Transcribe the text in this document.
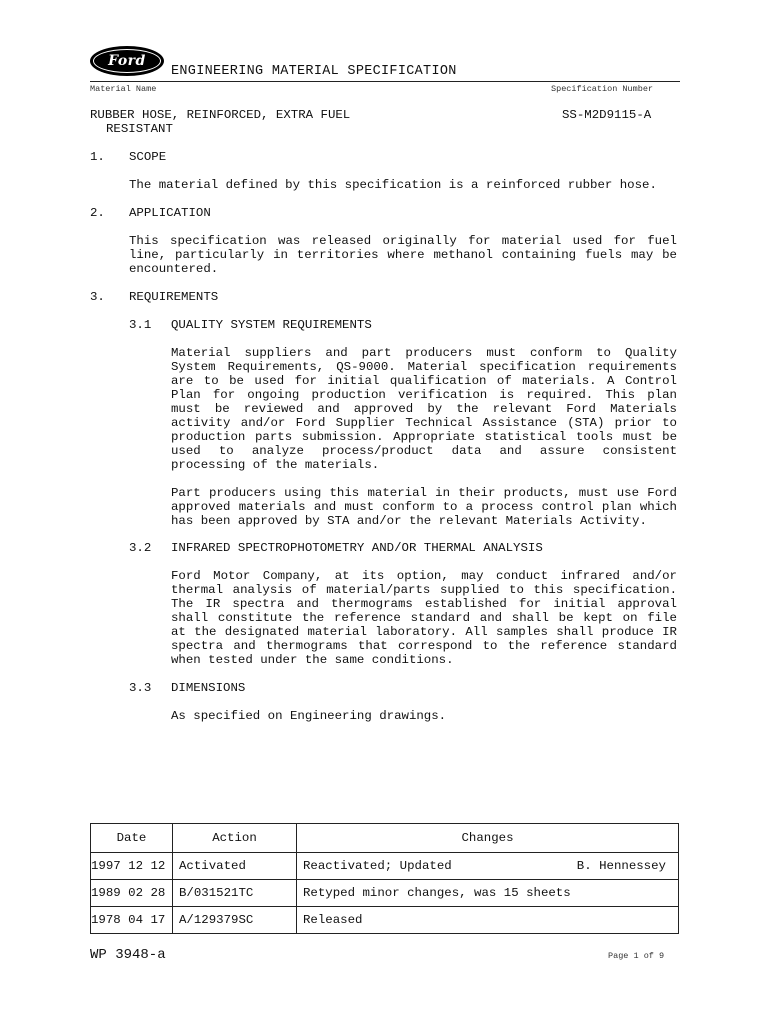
Ford
ENGINEERING MATERIAL SPECIFICATION
Material Name	Specification Number
RUBBER HOSE, REINFORCED, EXTRA FUEL
RESISTANT
SS-M2D9115-A
1. SCOPE
The material defined by this specification is a reinforced rubber hose.
2. APPLICATION
This specification was released originally for material used for fuel
line, particularly in territories where methanol containing fuels may be
encountered.
3. REQUIREMENTS
3.1 QUALITY SYSTEM REQUIREMENTS
Material suppliers and part producers must conform to Quality
System Requirements, QS-9000. Material specification requirements
are to be used for initial qualification of materials. A Control
Plan for ongoing production verification is required. This plan
must be reviewed and approved by the relevant Ford Materials
activity and/or Ford Supplier Technical Assistance (STA) prior to
production parts submission. Appropriate statistical tools must be
used to analyze process/product data and assure consistent
processing of the materials.
Part producers using this material in their products, must use Ford
approved materials and must conform to a process control plan which
has been approved by STA and/or the relevant Materials Activity.
3.2 INFRARED SPECTROPHOTOMETRY AND/OR THERMAL ANALYSIS
Ford Motor Company, at its option, may conduct infrared and/or
thermal analysis of material/parts supplied to this specification.
The IR spectra and thermograms established for initial approval
shall constitute the reference standard and shall be kept on file
at the designated material laboratory. All samples shall produce IR
spectra and thermograms that correspond to the reference standard
when tested under the same conditions.
3.3 DIMENSIONS
As specified on Engineering drawings.
Date	Action	Changes
1997 12 12	Activated	Reactivated; Updated B. Hennessey

1989 02 28	B/031521TC	Retyped minor changes, was 15 sheets

1978 04 17	A/129379SC	Released
WP 3948-a	Page 1 of 9
